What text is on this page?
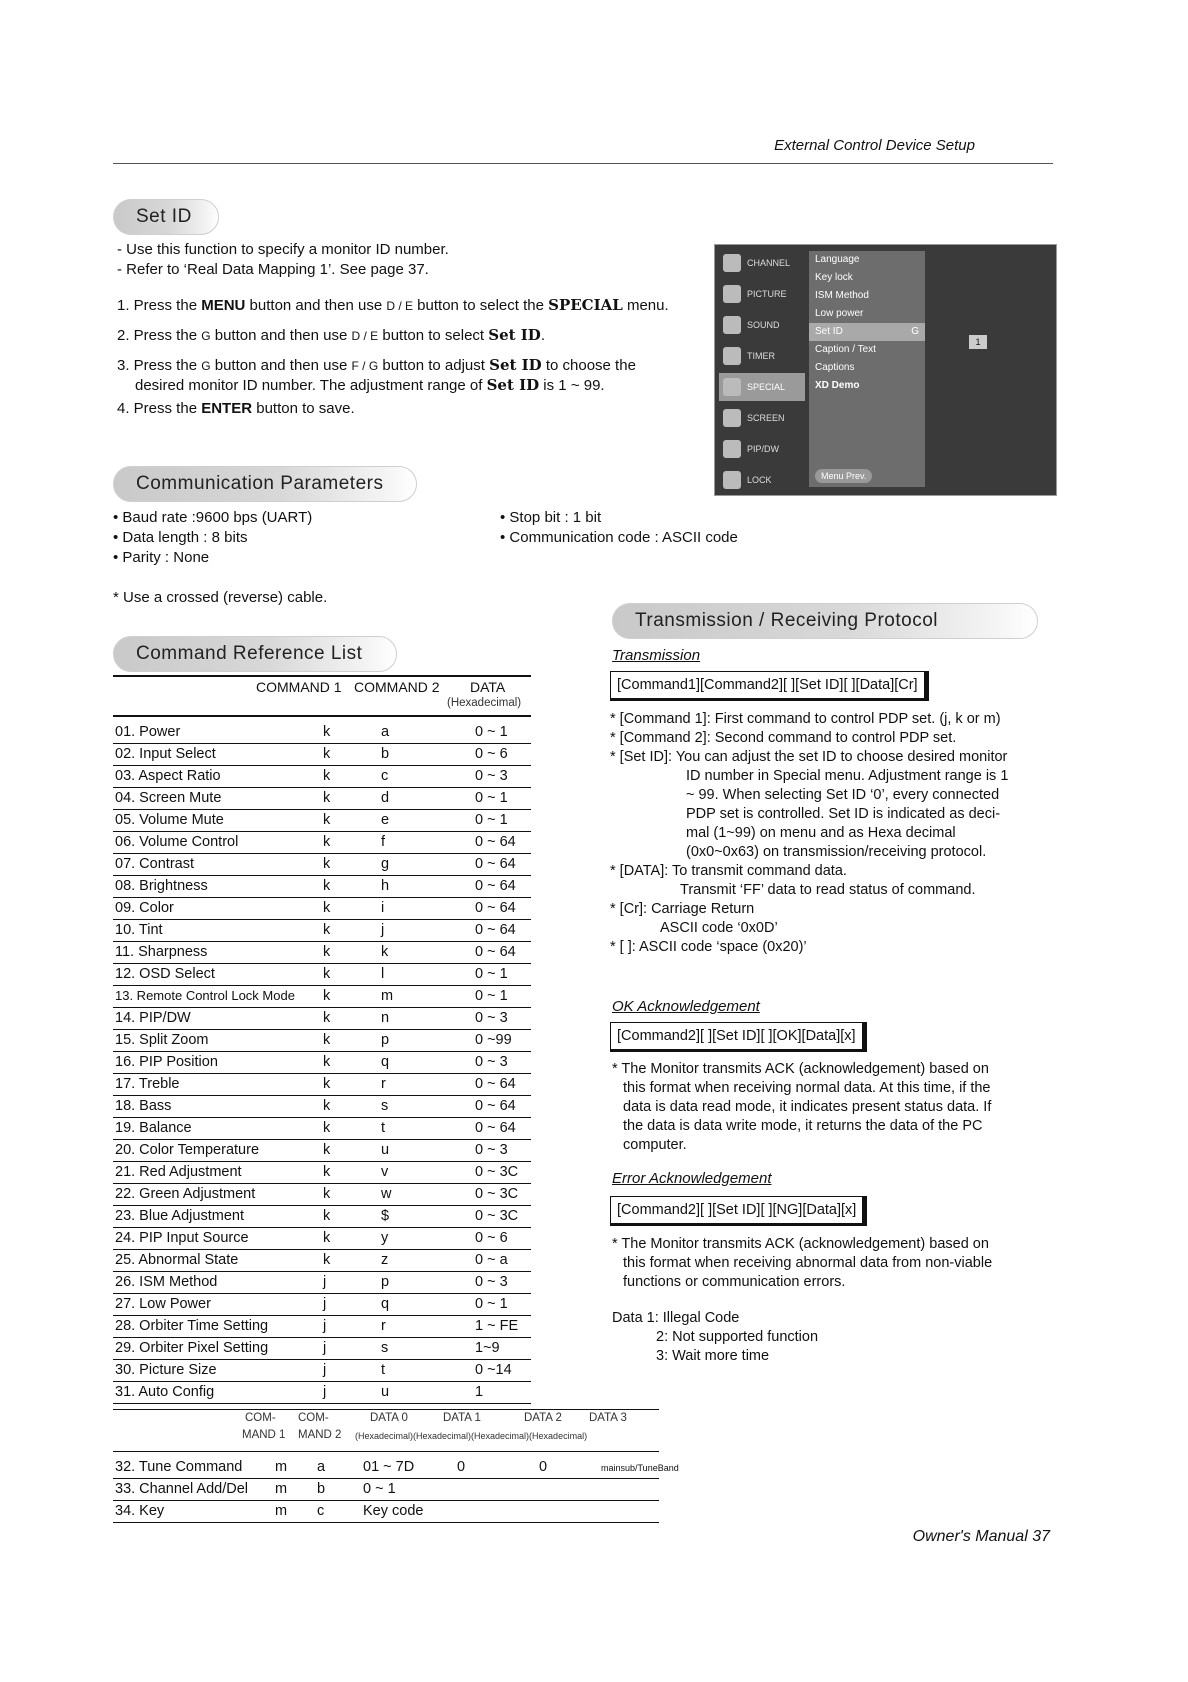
External Control Device Setup
Set ID
- Use this function to specify a monitor ID number.
- Refer to ‘Real Data Mapping 1’. See page 37.
1. Press the MENU button and then use D / E button to select the SPECIAL menu.
2. Press the G button and then use D / E button to select Set ID.
3. Press the G button and then use F / G button to adjust Set ID to choose the
desired monitor ID number. The adjustment range of Set ID is 1 ~ 99.
4. Press the ENTER button to save.
CHANNEL
PICTURE
SOUND
TIMER
SPECIAL
SCREEN
PIP/DW
LOCK
Language
Key lock
ISM Method
Low power
Set ID	G
Caption / Text
Captions
XD Demo
Menu Prev.
1
Communication Parameters
• Baud rate :9600 bps (UART)
• Data length : 8 bits
• Parity : None
• Stop bit : 1 bit
• Communication code : ASCII code
* Use a crossed (reverse) cable.
Command Reference List
COMMAND 1 COMMAND 2 DATA
(Hexadecimal)
01. Power	k	a	0 ~ 1
02. Input Select	k	b	0 ~ 6
03. Aspect Ratio	k	c	0 ~ 3
04. Screen Mute	k	d	0 ~ 1
05. Volume Mute	k	e	0 ~ 1
06. Volume Control	k	f	0 ~ 64
07. Contrast	k	g	0 ~ 64
08. Brightness	k	h	0 ~ 64
09. Color	k	i	0 ~ 64
10. Tint	k	j	0 ~ 64
11. Sharpness	k	k	0 ~ 64
12. OSD Select	k	l	0 ~ 1
13. Remote Control Lock Mode k	m	0 ~ 1
14. PIP/DW	k	n	0 ~ 3
15. Split Zoom	k	p	0 ~99
16. PIP Position	k	q	0 ~ 3
17. Treble	k	r	0 ~ 64
18. Bass	k	s	0 ~ 64
19. Balance	k	t	0 ~ 64
20. Color Temperature	k	u	0 ~ 3
21. Red Adjustment	k	v	0 ~ 3C
22. Green Adjustment	k	w	0 ~ 3C
23. Blue Adjustment	k	$	0 ~ 3C
24. PIP Input Source	k	y	0 ~ 6
25. Abnormal State	k	z	0 ~ a
26. ISM Method	j	p	0 ~ 3
27. Low Power	j	q	0 ~ 1
28. Orbiter Time Setting	j	r	1 ~ FE
29. Orbiter Pixel Setting	j	s	1~9
30. Picture Size	j	t	0 ~14
31. Auto Config	j	u	1
COM- COM-	DATA 0	DATA 1	DATA 2 DATA 3
MAND 1 MAND 2 (Hexadecimal)(Hexadecimal)(Hexadecimal)(Hexadecimal)
32. Tune Command m a	01 ~ 7D	0	0	mainsub/TuneBand
33. Channel Add/Del m b	0 ~ 1
34. Key	m c	Key code
Transmission / Receiving Protocol
Transmission
[Command1][Command2][ ][Set ID][ ][Data][Cr]
* [Command 1]: First command to control PDP set. (j, k or m)
* [Command 2]: Second command to control PDP set.
* [Set ID]: You can adjust the set ID to choose desired monitor
ID number in Special menu. Adjustment range is 1
~ 99. When selecting Set ID ‘0’, every connected
PDP set is controlled. Set ID is indicated as deci-
mal (1~99) on menu and as Hexa decimal
(0x0~0x63) on transmission/receiving protocol.
* [DATA]: To transmit command data.
Transmit ‘FF’ data to read status of command.
* [Cr]: Carriage Return
ASCII code ‘0x0D’
* [ ]: ASCII code ‘space (0x20)’
OK Acknowledgement
[Command2][ ][Set ID][ ][OK][Data][x]
* The Monitor transmits ACK (acknowledgement) based on
this format when receiving normal data. At this time, if the
data is data read mode, it indicates present status data. If
the data is data write mode, it returns the data of the PC
computer.
Error Acknowledgement
[Command2][ ][Set ID][ ][NG][Data][x]
* The Monitor transmits ACK (acknowledgement) based on
this format when receiving abnormal data from non-viable
functions or communication errors.
Data 1: Illegal Code
2: Not supported function
3: Wait more time
Owner's Manual 37
